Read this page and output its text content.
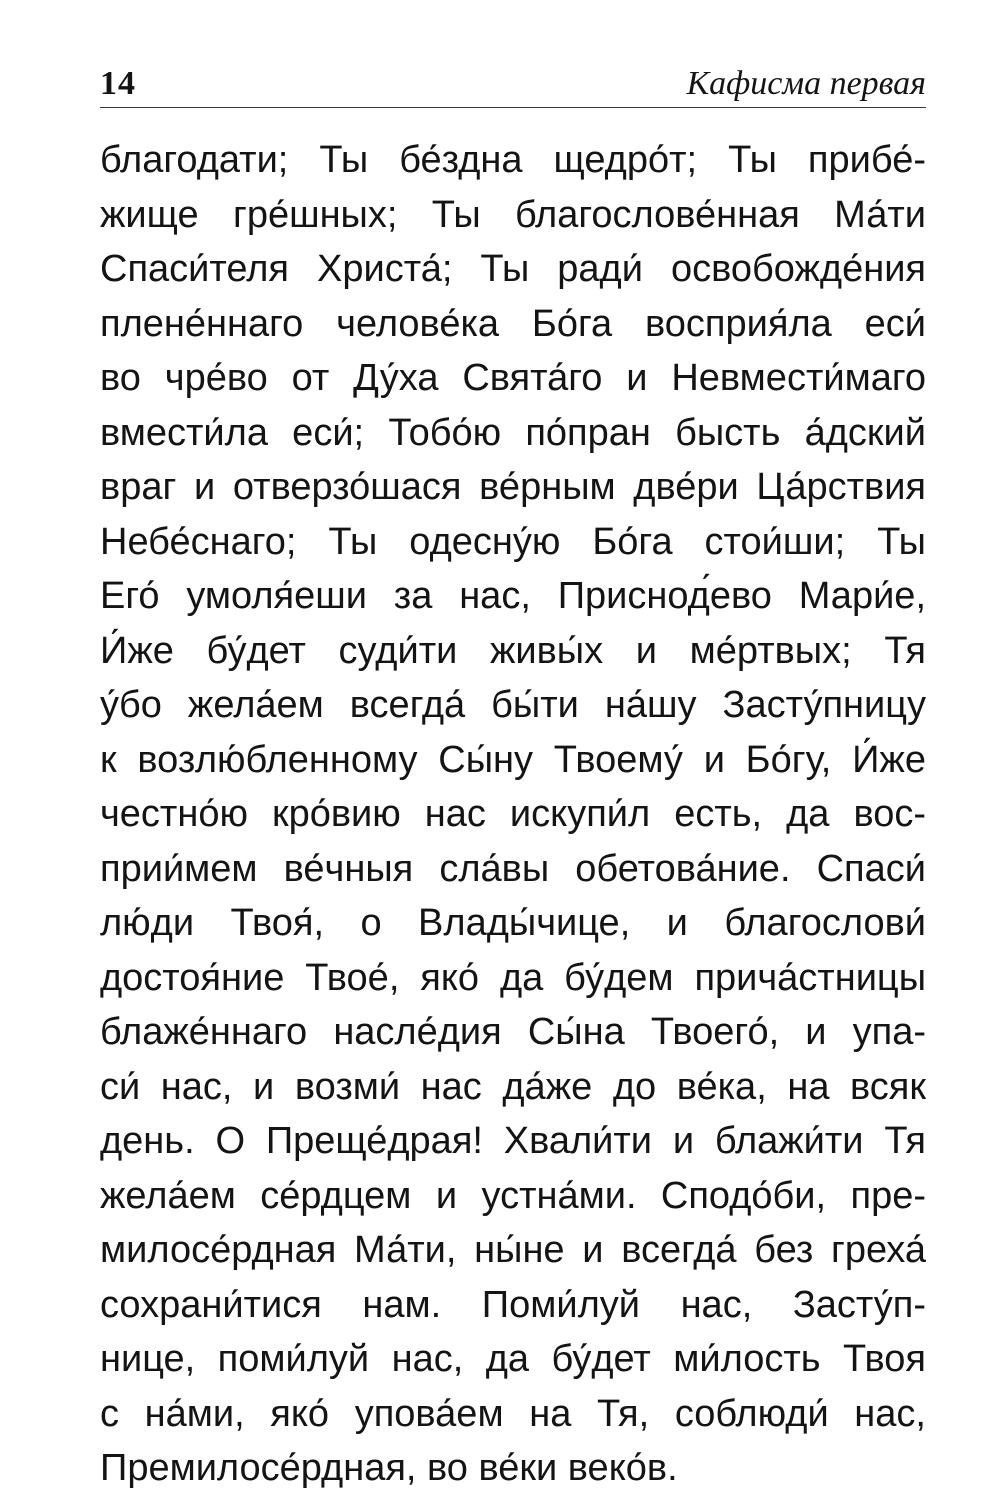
14	Кафисма первая
благодати; Ты бе́здна щедро́т; Ты прибе́-
жище гре́шных; Ты благослове́нная Ма́ти
Спаси́теля Христа́; Ты ради́ освобожде́ния
плене́ннаго челове́ка Бо́га восприя́ла еси́
во чре́во от Ду́ха Свята́го и Невмести́маго
вмести́ла еси́; Тобо́ю по́пран бысть а́дский
враг и отверзо́шася ве́рным две́ри Ца́рствия
Небе́снаго; Ты одесну́ю Бо́га стои́ши; Ты
Его́ умоля́еши за нас, Приснод́ево Мари́е,
И́же бу́дет суди́ти живы́х и ме́ртвых; Тя
у́бо жела́ем всегда́ бы́ти на́шу Засту́пницу
к возлю́бленному Сы́ну Твоему́ и Бо́гу, И́же
честно́ю кро́вию нас искупи́л есть, да вос-
прии́мем ве́чныя сла́вы обетова́ние. Спаси́
лю́ди Твоя́, о Влады́чице, и благослови́
достоя́ние Твое́, яко́ да бу́дем прича́стницы
блаже́ннаго насле́дия Сы́на Твоего́, и упа-
си́ нас, и возми́ нас да́же до ве́ка, на всяк
день. О Преще́драя! Хвали́ти и блажи́ти Тя
жела́ем се́рдцем и устна́ми. Сподо́би, пре-
милосе́рдная Ма́ти, ны́не и всегда́ без греха́
сохрани́тися нам. Поми́луй нас, Засту́п-
нице, поми́луй нас, да бу́дет ми́лость Твоя
с на́ми, яко́ упова́ем на Тя, соблюди́ нас,
Премилосе́рдная, во ве́ки веко́в.
